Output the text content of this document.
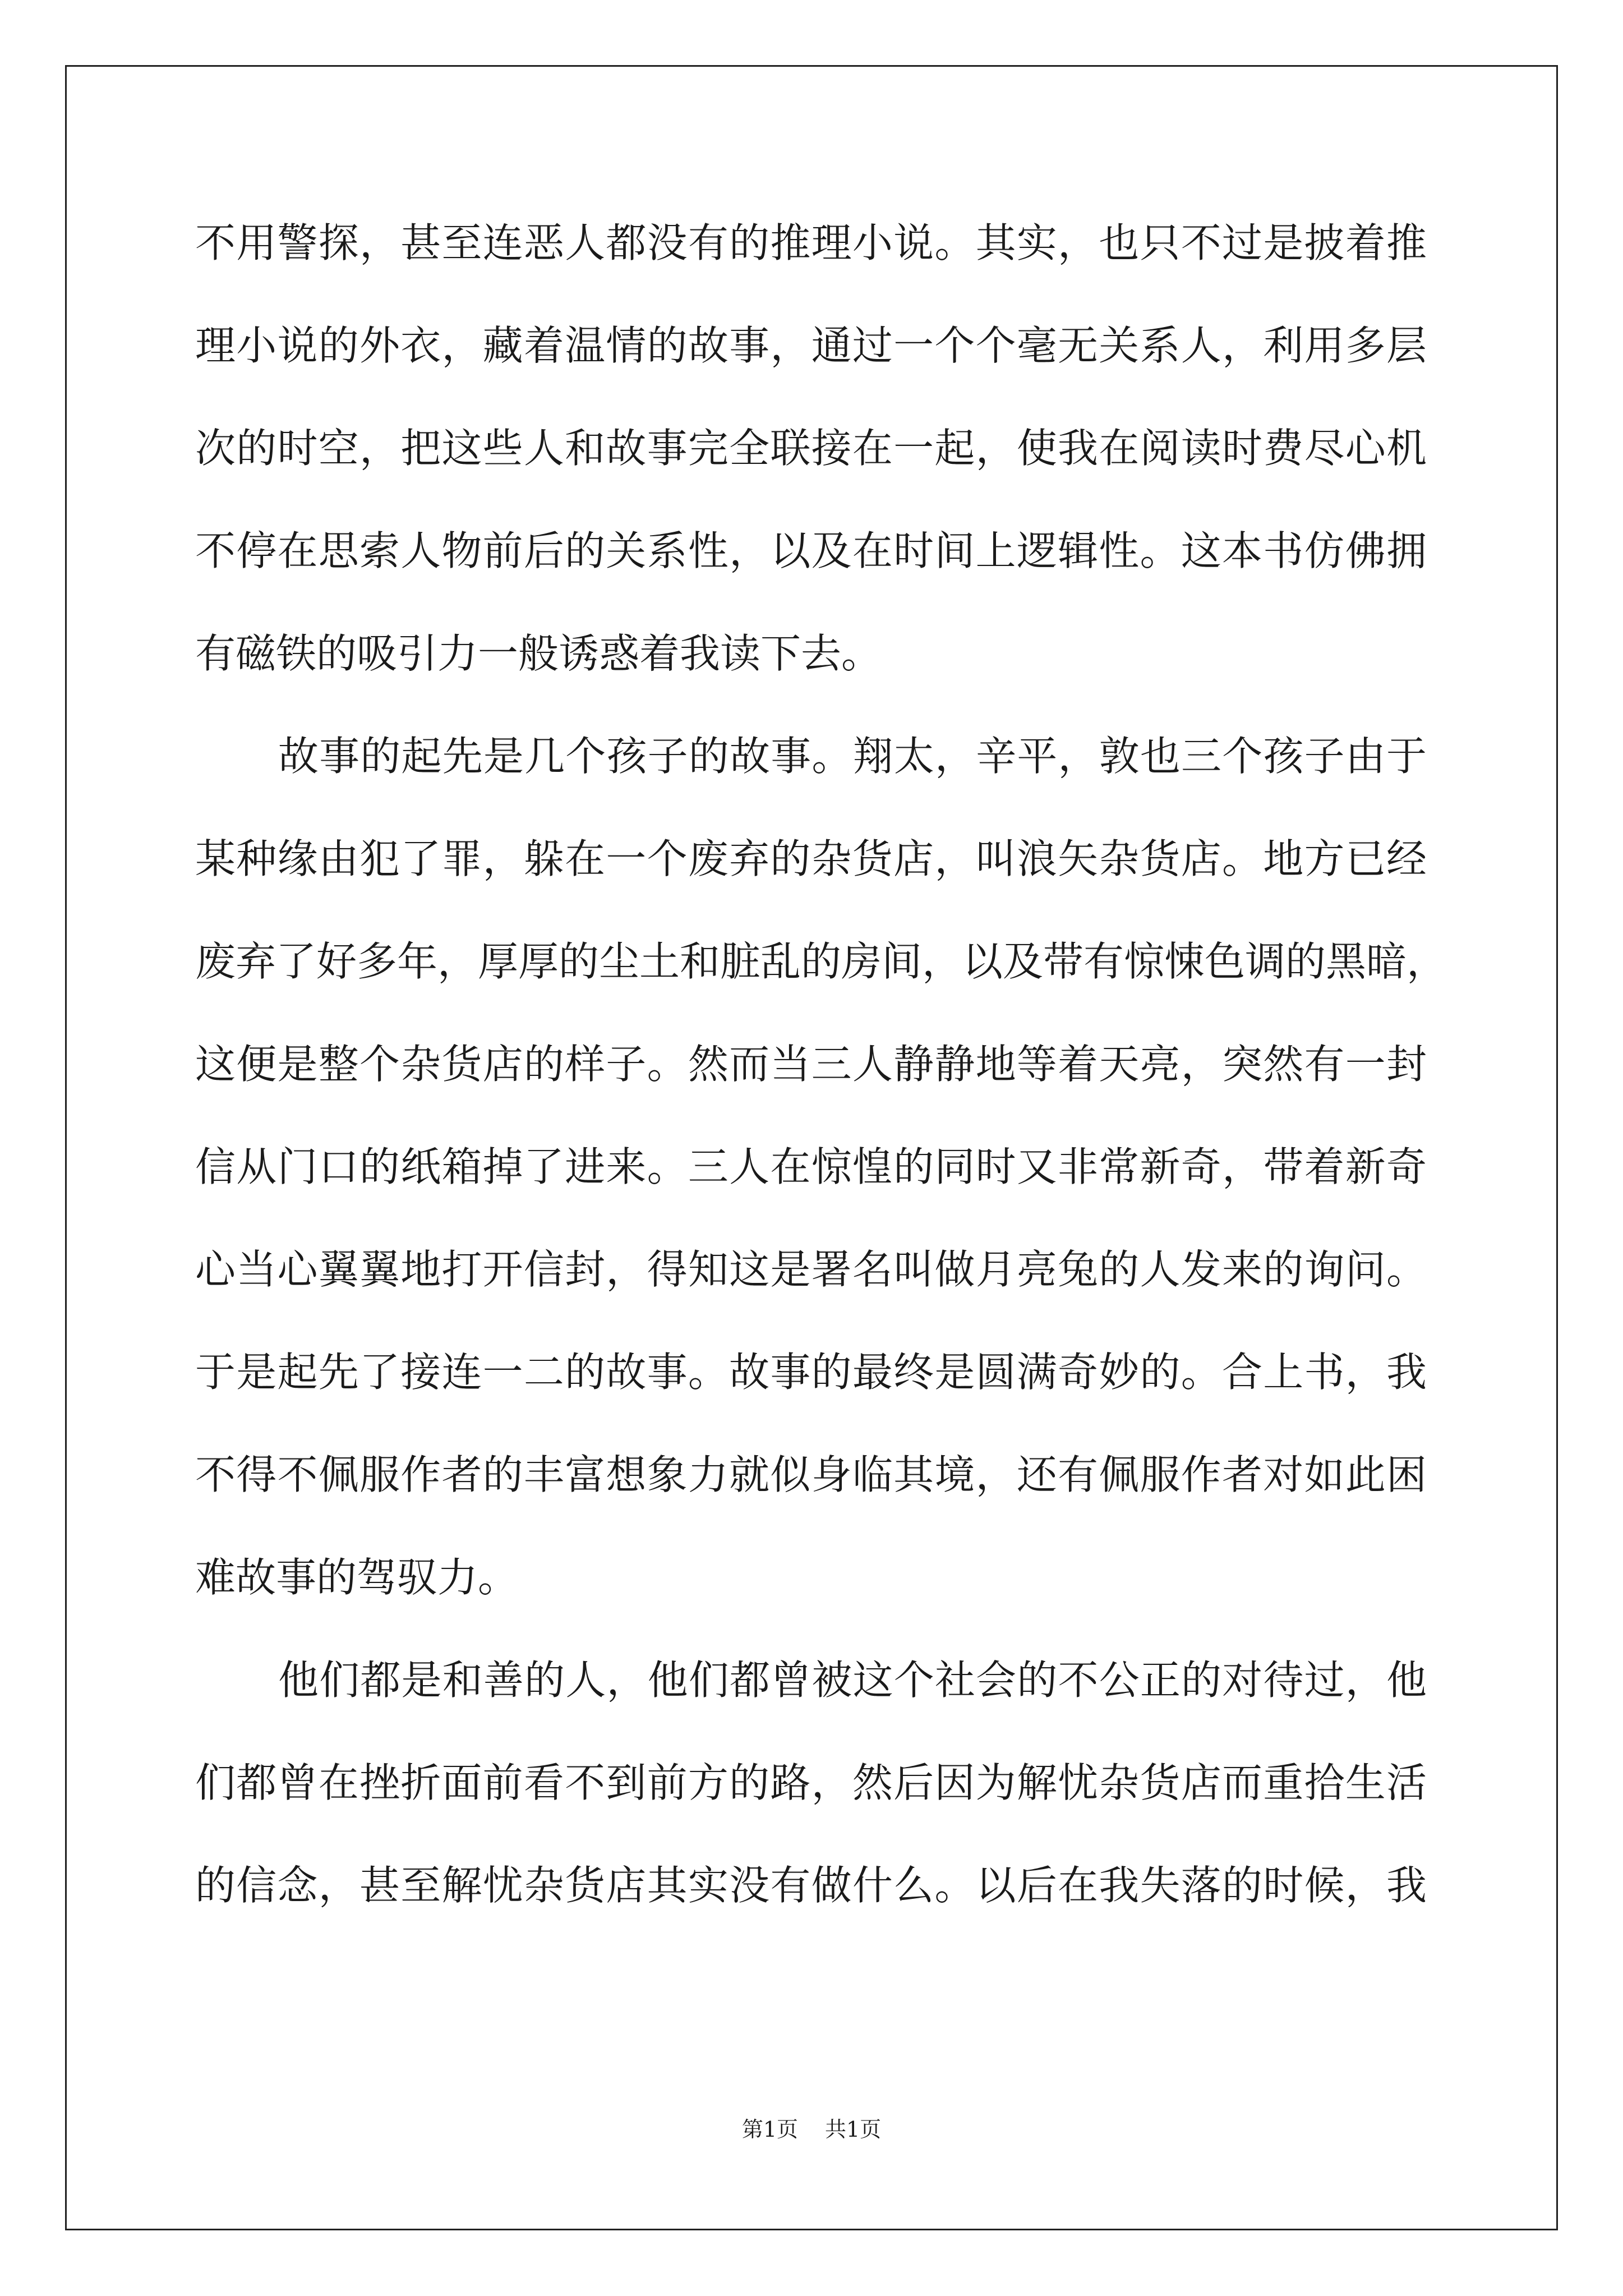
不用警探，甚至连恶人都没有的推理小说。其实，也只不过是披着推
理小说的外衣，藏着温情的故事，通过一个个毫无关系人，利用多层
次的时空，把这些人和故事完全联接在一起，使我在阅读时费尽心机
不停在思索人物前后的关系性，以及在时间上逻辑性。这本书仿佛拥
有磁铁的吸引力一般诱惑着我读下去。
故事的起先是几个孩子的故事。翔太，辛平，敦也三个孩子由于
某种缘由犯了罪，躲在一个废弃的杂货店，叫浪矢杂货店。地方已经
废弃了好多年，厚厚的尘土和脏乱的房间，以及带有惊悚色调的黑暗，
这便是整个杂货店的样子。然而当三人静静地等着天亮，突然有一封
信从门口的纸箱掉了进来。三人在惊惶的同时又非常新奇，带着新奇
心当心翼翼地打开信封，得知这是署名叫做月亮兔的人发来的询问。
于是起先了接连一二的故事。故事的最终是圆满奇妙的。合上书，我
不得不佩服作者的丰富想象力就似身临其境，还有佩服作者对如此困
难故事的驾驭力。
他们都是和善的人，他们都曾被这个社会的不公正的对待过，他
们都曾在挫折面前看不到前方的路，然后因为解忧杂货店而重拾生活
的信念，甚至解忧杂货店其实没有做什么。以后在我失落的时候，我
第1页 共1页
